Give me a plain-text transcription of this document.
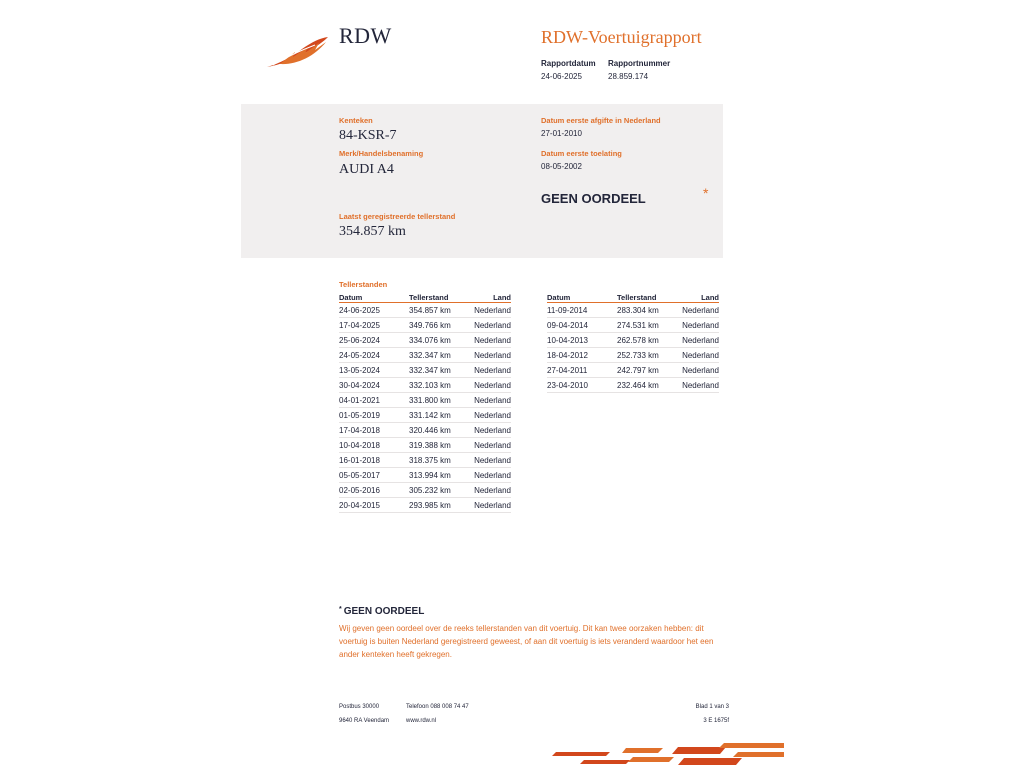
RDW	RDW-Voertuigrapport
Rapportdatum
24-06-2025
Rapportnummer
28.859.174
Kenteken
84-KSR-7
Merk/Handelsbenaming
AUDI A4
Datum eerste afgifte in Nederland
27-01-2010
Datum eerste toelating
08-05-2002
GEEN OORDEEL	*
Laatst geregistreerde tellerstand
354.857 km
Tellerstanden
Datum	Tellerstand	Land
24-06-2025	354.857 km	Nederland
17-04-2025	349.766 km	Nederland
25-06-2024	334.076 km	Nederland
24-05-2024	332.347 km	Nederland
13-05-2024	332.347 km	Nederland
30-04-2024	332.103 km	Nederland
04-01-2021	331.800 km	Nederland
01-05-2019	331.142 km	Nederland
17-04-2018	320.446 km	Nederland
10-04-2018	319.388 km	Nederland
16-01-2018	318.375 km	Nederland
05-05-2017	313.994 km	Nederland
02-05-2016	305.232 km	Nederland
20-04-2015	293.985 km	Nederland
Datum	Tellerstand	Land
11-09-2014	283.304 km	Nederland
09-04-2014	274.531 km	Nederland
10-04-2013	262.578 km	Nederland
18-04-2012	252.733 km	Nederland
27-04-2011	242.797 km	Nederland
23-04-2010	232.464 km	Nederland
* GEEN OORDEEL
Wij geven geen oordeel over de reeks tellerstanden van dit voertuig. Dit kan twee oorzaken hebben: dit voertuig is buiten Nederland geregistreerd geweest, of aan dit voertuig is iets veranderd waardoor het een ander kenteken heeft gekregen.
Postbus 30000
9640 RA Veendam
Telefoon 088 008 74 47
www.rdw.nl
Blad 1 van 3
3 E 1675f
